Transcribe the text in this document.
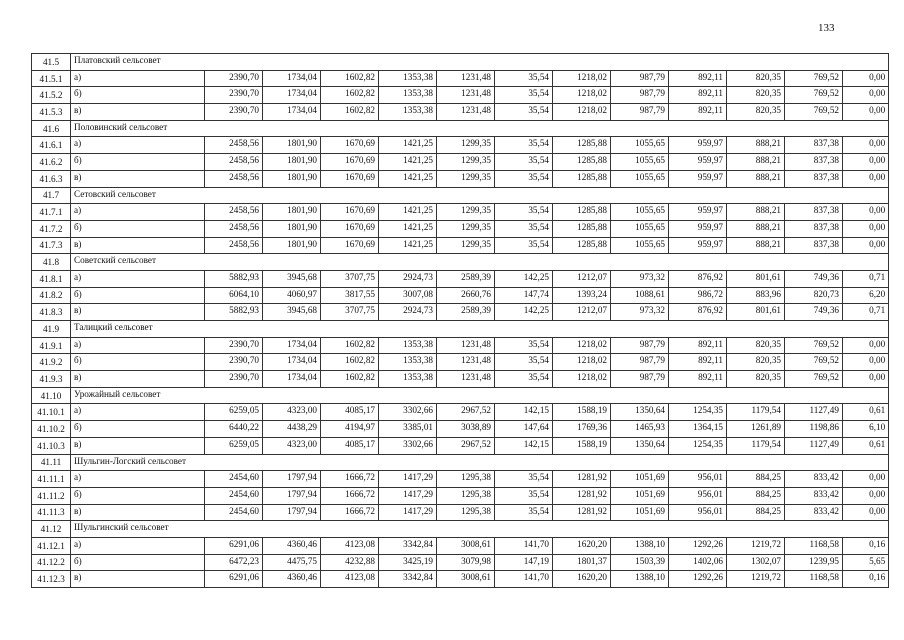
133
41.5	Платовский сельсовет												
41.5.1	а)	2390,70	1734,04	1602,82	1353,38	1231,48	35,54	1218,02	987,79	892,11	820,35	769,52	0,00
41.5.2	б)	2390,70	1734,04	1602,82	1353,38	1231,48	35,54	1218,02	987,79	892,11	820,35	769,52	0,00
41.5.3	в)	2390,70	1734,04	1602,82	1353,38	1231,48	35,54	1218,02	987,79	892,11	820,35	769,52	0,00
41.6	Половинский сельсовет												
41.6.1	а)	2458,56	1801,90	1670,69	1421,25	1299,35	35,54	1285,88	1055,65	959,97	888,21	837,38	0,00
41.6.2	б)	2458,56	1801,90	1670,69	1421,25	1299,35	35,54	1285,88	1055,65	959,97	888,21	837,38	0,00
41.6.3	в)	2458,56	1801,90	1670,69	1421,25	1299,35	35,54	1285,88	1055,65	959,97	888,21	837,38	0,00
41.7	Сетовский сельсовет												
41.7.1	а)	2458,56	1801,90	1670,69	1421,25	1299,35	35,54	1285,88	1055,65	959,97	888,21	837,38	0,00
41.7.2	б)	2458,56	1801,90	1670,69	1421,25	1299,35	35,54	1285,88	1055,65	959,97	888,21	837,38	0,00
41.7.3	в)	2458,56	1801,90	1670,69	1421,25	1299,35	35,54	1285,88	1055,65	959,97	888,21	837,38	0,00
41.8	Советский сельсовет												
41.8.1	а)	5882,93	3945,68	3707,75	2924,73	2589,39	142,25	1212,07	973,32	876,92	801,61	749,36	0,71
41.8.2	б)	6064,10	4060,97	3817,55	3007,08	2660,76	147,74	1393,24	1088,61	986,72	883,96	820,73	6,20
41.8.3	в)	5882,93	3945,68	3707,75	2924,73	2589,39	142,25	1212,07	973,32	876,92	801,61	749,36	0,71
41.9	Талицкий сельсовет												
41.9.1	а)	2390,70	1734,04	1602,82	1353,38	1231,48	35,54	1218,02	987,79	892,11	820,35	769,52	0,00
41.9.2	б)	2390,70	1734,04	1602,82	1353,38	1231,48	35,54	1218,02	987,79	892,11	820,35	769,52	0,00
41.9.3	в)	2390,70	1734,04	1602,82	1353,38	1231,48	35,54	1218,02	987,79	892,11	820,35	769,52	0,00
41.10	Урожайный сельсовет												
41.10.1	а)	6259,05	4323,00	4085,17	3302,66	2967,52	142,15	1588,19	1350,64	1254,35	1179,54	1127,49	0,61
41.10.2	б)	6440,22	4438,29	4194,97	3385,01	3038,89	147,64	1769,36	1465,93	1364,15	1261,89	1198,86	6,10
41.10.3	в)	6259,05	4323,00	4085,17	3302,66	2967,52	142,15	1588,19	1350,64	1254,35	1179,54	1127,49	0,61
41.11	Шульгин-Логский сельсовет												
41.11.1	а)	2454,60	1797,94	1666,72	1417,29	1295,38	35,54	1281,92	1051,69	956,01	884,25	833,42	0,00
41.11.2	б)	2454,60	1797,94	1666,72	1417,29	1295,38	35,54	1281,92	1051,69	956,01	884,25	833,42	0,00
41.11.3	в)	2454,60	1797,94	1666,72	1417,29	1295,38	35,54	1281,92	1051,69	956,01	884,25	833,42	0,00
41.12	Шульгинский сельсовет												
41.12.1	а)	6291,06	4360,46	4123,08	3342,84	3008,61	141,70	1620,20	1388,10	1292,26	1219,72	1168,58	0,16
41.12.2	б)	6472,23	4475,75	4232,88	3425,19	3079,98	147,19	1801,37	1503,39	1402,06	1302,07	1239,95	5,65
41.12.3	в)	6291,06	4360,46	4123,08	3342,84	3008,61	141,70	1620,20	1388,10	1292,26	1219,72	1168,58	0,16
